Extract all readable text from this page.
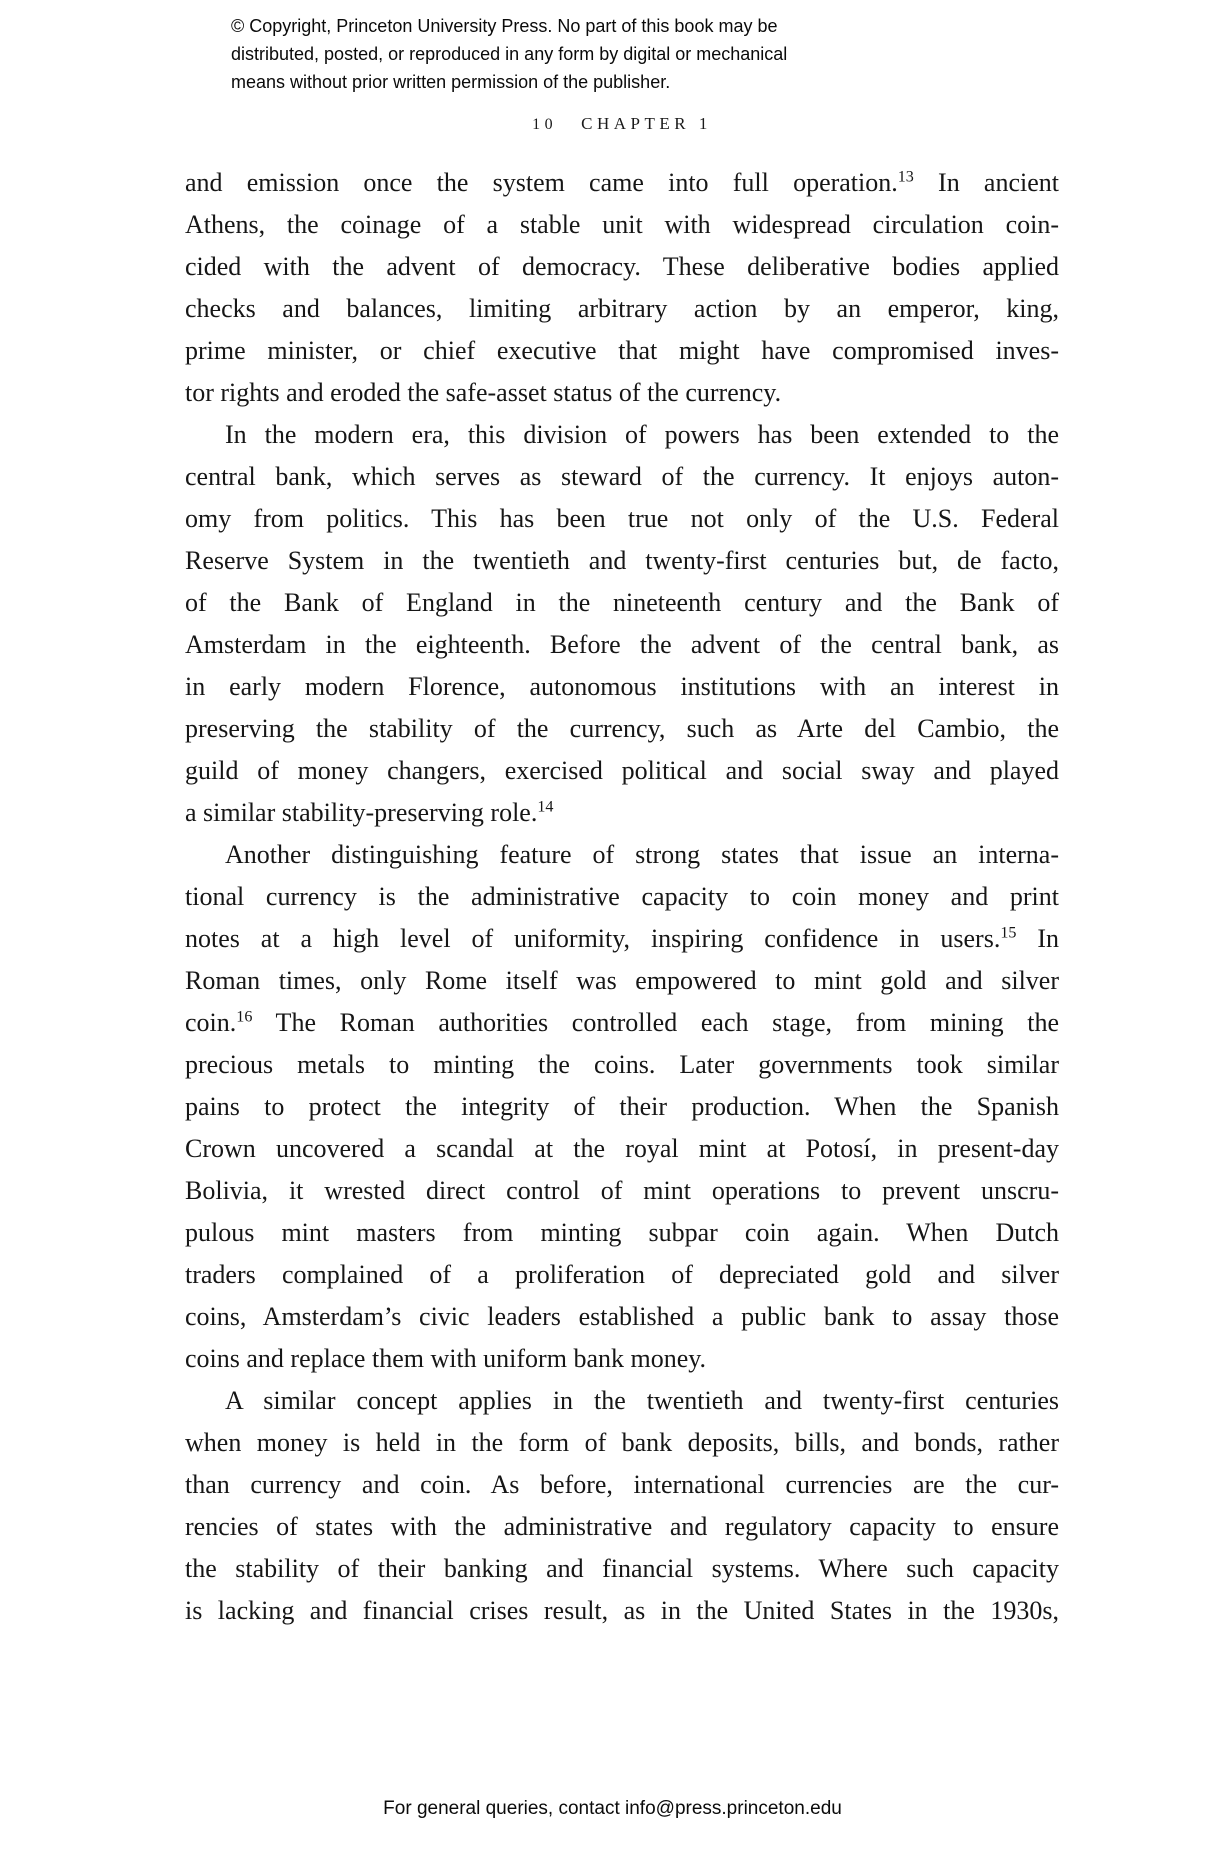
© Copyright, Princeton University Press. No part of this book may be
distributed, posted, or reproduced in any form by digital or mechanical
means without prior written permission of the publisher.
10 CHAPTER 1
and emission once the system came into full operation.$^{13}$ In ancient
Athens, the coinage of a stable unit with widespread circulation coin-
cided with the advent of democracy. These deliberative bodies applied
checks and balances, limiting arbitrary action by an emperor, king,
prime minister, or chief executive that might have compromised inves-
tor rights and eroded the safe-asset status of the currency.
In the modern era, this division of powers has been extended to the
central bank, which serves as steward of the currency. It enjoys auton-
omy from politics. This has been true not only of the U.S. Federal
Reserve System in the twentieth and twenty-first centuries but, de facto,
of the Bank of England in the nineteenth century and the Bank of
Amsterdam in the eighteenth. Before the advent of the central bank, as
in early modern Florence, autonomous institutions with an interest in
preserving the stability of the currency, such as Arte del Cambio, the
guild of money changers, exercised political and social sway and played
a similar stability-preserving role.$^{14}$
Another distinguishing feature of strong states that issue an interna-
tional currency is the administrative capacity to coin money and print
notes at a high level of uniformity, inspiring confidence in users.$^{15}$ In
Roman times, only Rome itself was empowered to mint gold and silver
coin.$^{16}$ The Roman authorities controlled each stage, from mining the
precious metals to minting the coins. Later governments took similar
pains to protect the integrity of their production. When the Spanish
Crown uncovered a scandal at the royal mint at Potosí, in present-day
Bolivia, it wrested direct control of mint operations to prevent unscru-
pulous mint masters from minting subpar coin again. When Dutch
traders complained of a proliferation of depreciated gold and silver
coins, Amsterdam’s civic leaders established a public bank to assay those
coins and replace them with uniform bank money.
A similar concept applies in the twentieth and twenty-first centuries
when money is held in the form of bank deposits, bills, and bonds, rather
than currency and coin. As before, international currencies are the cur-
rencies of states with the administrative and regulatory capacity to ensure
the stability of their banking and financial systems. Where such capacity
is lacking and financial crises result, as in the United States in the 1930s,
For general queries, contact info@press.princeton.edu
